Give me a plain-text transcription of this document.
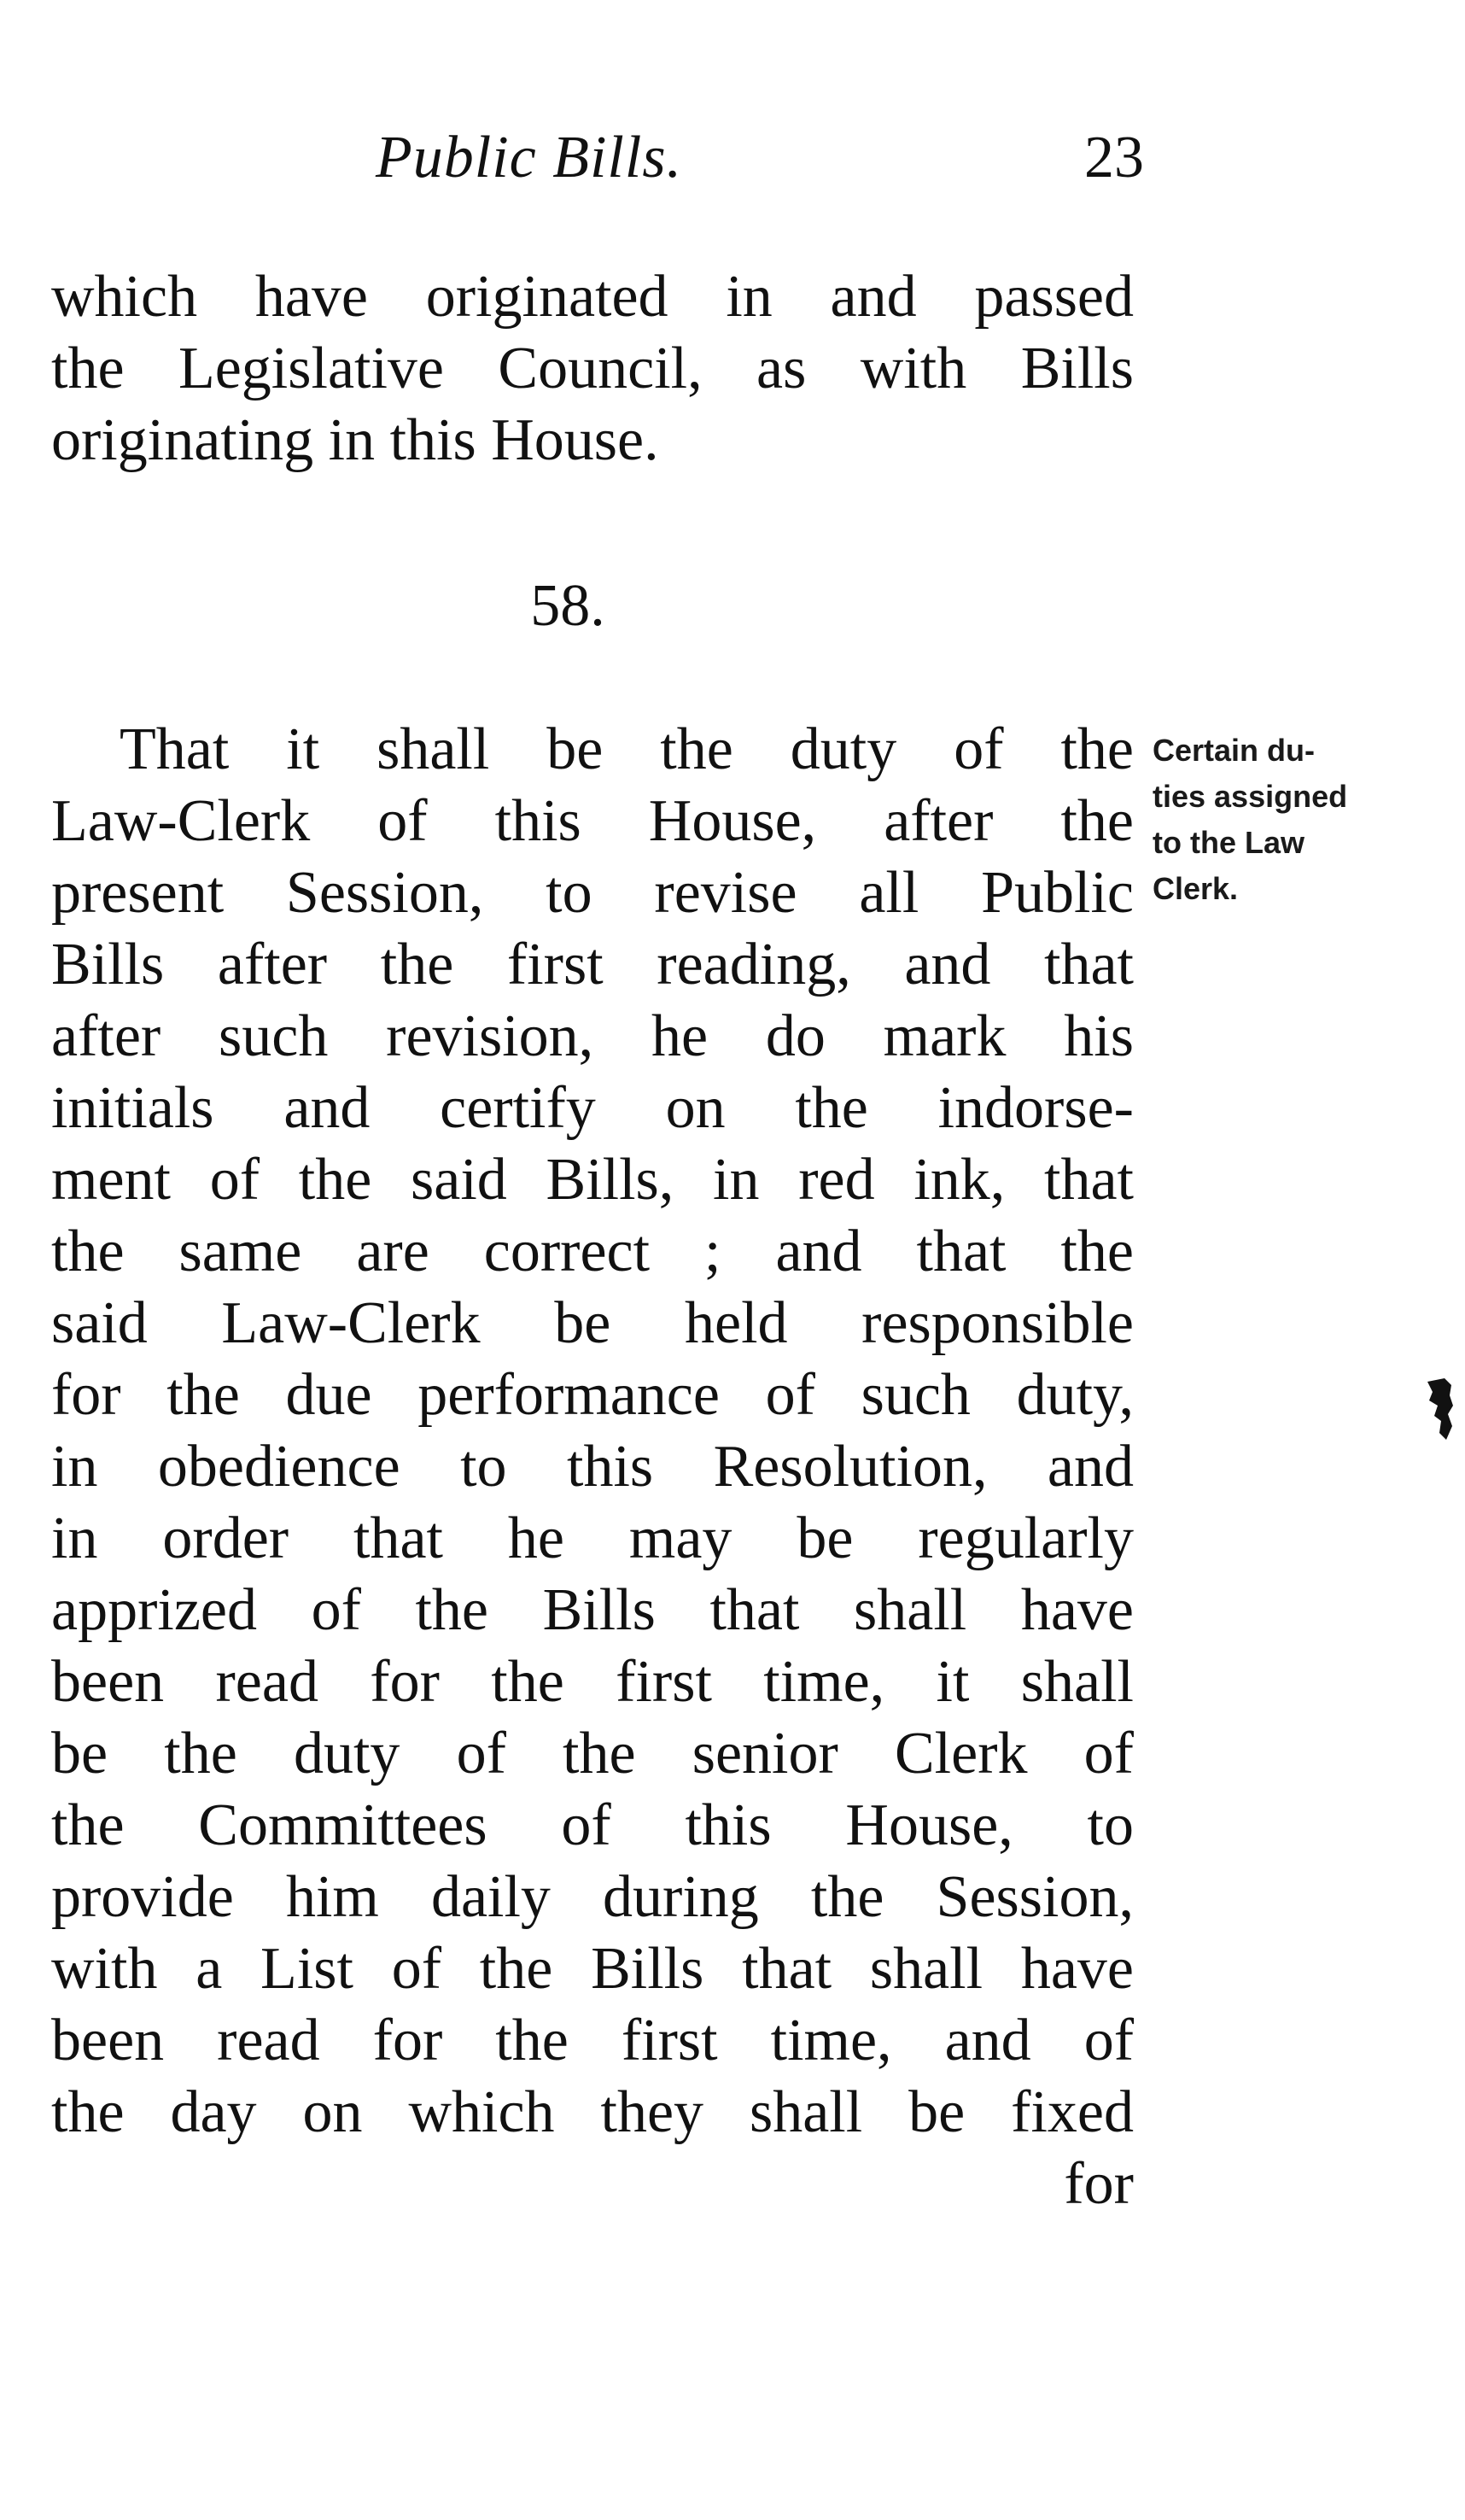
Public Bills.	23
which have originated in and passed
the Legislative Council, as with Bills
originating in this House.
58.
That it shall be the duty of the
Law-Clerk of this House, after the
present Session, to revise all Public
Bills after the first reading, and that
after such revision, he do mark his
initials and certify on the indorse-
ment of the said Bills, in red ink, that
the same are correct ; and that the
said Law-Clerk be held responsible
for the due performance of such duty,
in obedience to this Resolution, and
in order that he may be regularly
apprized of the Bills that shall have
been read for the first time, it shall
be the duty of the senior Clerk of
the Committees of this House, to
provide him daily during the Session,
with a List of the Bills that shall have
been read for the first time, and of
the day on which they shall be fixed
for
Certain du-
ties assigned
to the Law
Clerk.
